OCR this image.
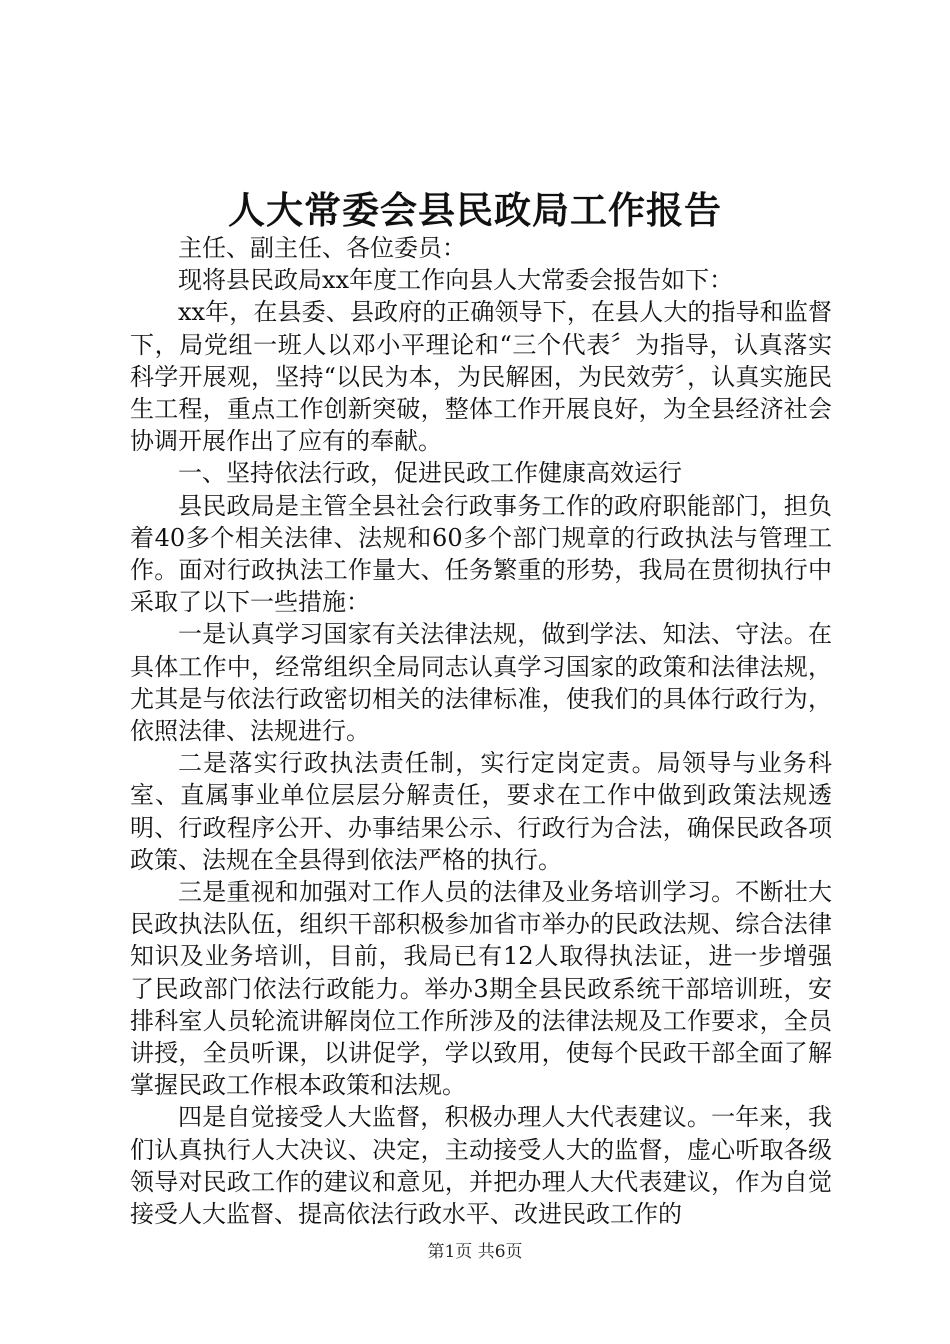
人大常委会县民政局工作报告

主任、副主任、各位委员：

现将县民政局xx年度工作向县人大常委会报告如下：

xx年，在县委、县政府的正确领导下，在县人大的指导和监督下，局党组一班人以邓小平理论和“三个代表〞为指导，认真落实科学开展观，坚持“以民为本，为民解困，为民效劳〞，认真实施民生工程，重点工作创新突破，整体工作开展良好，为全县经济社会协调开展作出了应有的奉献。

一、坚持依法行政，促进民政工作健康高效运行

县民政局是主管全县社会行政事务工作的政府职能部门，担负着40多个相关法律、法规和60多个部门规章的行政执法与管理工作。面对行政执法工作量大、任务繁重的形势，我局在贯彻执行中采取了以下一些措施：

一是认真学习国家有关法律法规，做到学法、知法、守法。在具体工作中，经常组织全局同志认真学习国家的政策和法律法规，尤其是与依法行政密切相关的法律标准，使我们的具体行政行为，依照法律、法规进行。

二是落实行政执法责任制，实行定岗定责。局领导与业务科室、直属事业单位层层分解责任，要求在工作中做到政策法规透明、行政程序公开、办事结果公示、行政行为合法，确保民政各项政策、法规在全县得到依法严格的执行。

三是重视和加强对工作人员的法律及业务培训学习。不断壮大民政执法队伍，组织干部积极参加省市举办的民政法规、综合法律知识及业务培训，目前，我局已有12人取得执法证，进一步增强了民政部门依法行政能力。举办3期全县民政系统干部培训班，安排科室人员轮流讲解岗位工作所涉及的法律法规及工作要求，全员讲授，全员听课，以讲促学，学以致用，使每个民政干部全面了解掌握民政工作根本政策和法规。

四是自觉接受人大监督，积极办理人大代表建议。一年来，我们认真执行人大决议、决定，主动接受人大的监督，虚心听取各级领导对民政工作的建议和意见，并把办理人大代表建议，作为自觉接受人大监督、提高依法行政水平、改进民政工作的

第1页 共6页
